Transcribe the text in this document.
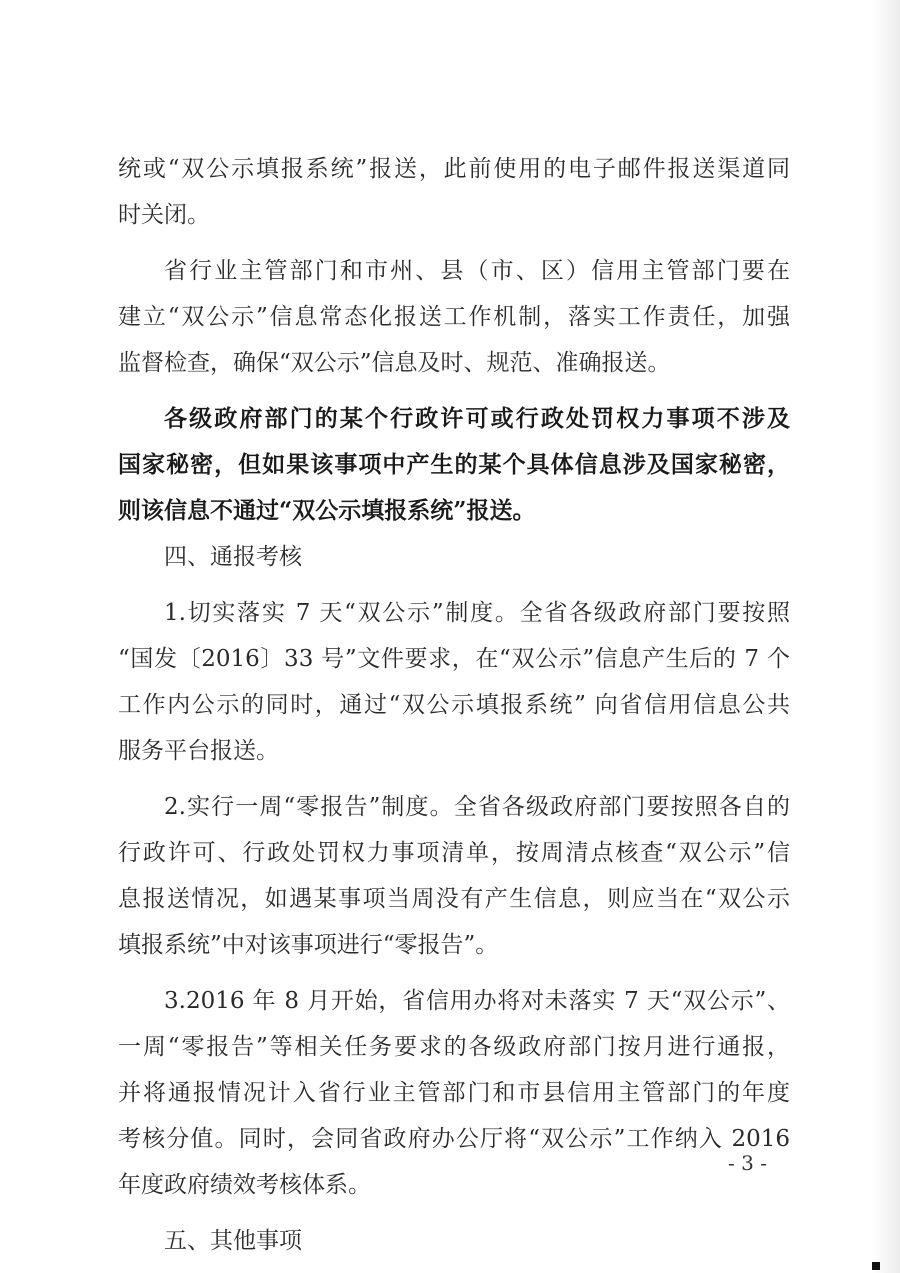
统或“双公示填报系统”报送，此前使用的电子邮件报送渠道同
时关闭。
省行业主管部门和市州、县（市、区）信用主管部门要在
建立“双公示”信息常态化报送工作机制，落实工作责任，加强
监督检查，确保“双公示”信息及时、规范、准确报送。
各级政府部门的某个行政许可或行政处罚权力事项不涉及
国家秘密，但如果该事项中产生的某个具体信息涉及国家秘密，
则该信息不通过“双公示填报系统”报送。
四、通报考核
1.切实落实 7 天“双公示”制度。全省各级政府部门要按照
“国发〔2016〕33 号”文件要求，在“双公示”信息产生后的 7 个
工作内公示的同时，通过“双公示填报系统” 向省信用信息公共
服务平台报送。
2.实行一周“零报告”制度。全省各级政府部门要按照各自的
行政许可、行政处罚权力事项清单，按周清点核查“双公示”信
息报送情况，如遇某事项当周没有产生信息，则应当在“双公示
填报系统”中对该事项进行“零报告”。
3.2016 年 8 月开始，省信用办将对未落实 7 天“双公示”、
一周“零报告”等相关任务要求的各级政府部门按月进行通报，
并将通报情况计入省行业主管部门和市县信用主管部门的年度
考核分值。同时，会同省政府办公厅将“双公示”工作纳入 2016
年度政府绩效考核体系。
五、其他事项
- 3 -
